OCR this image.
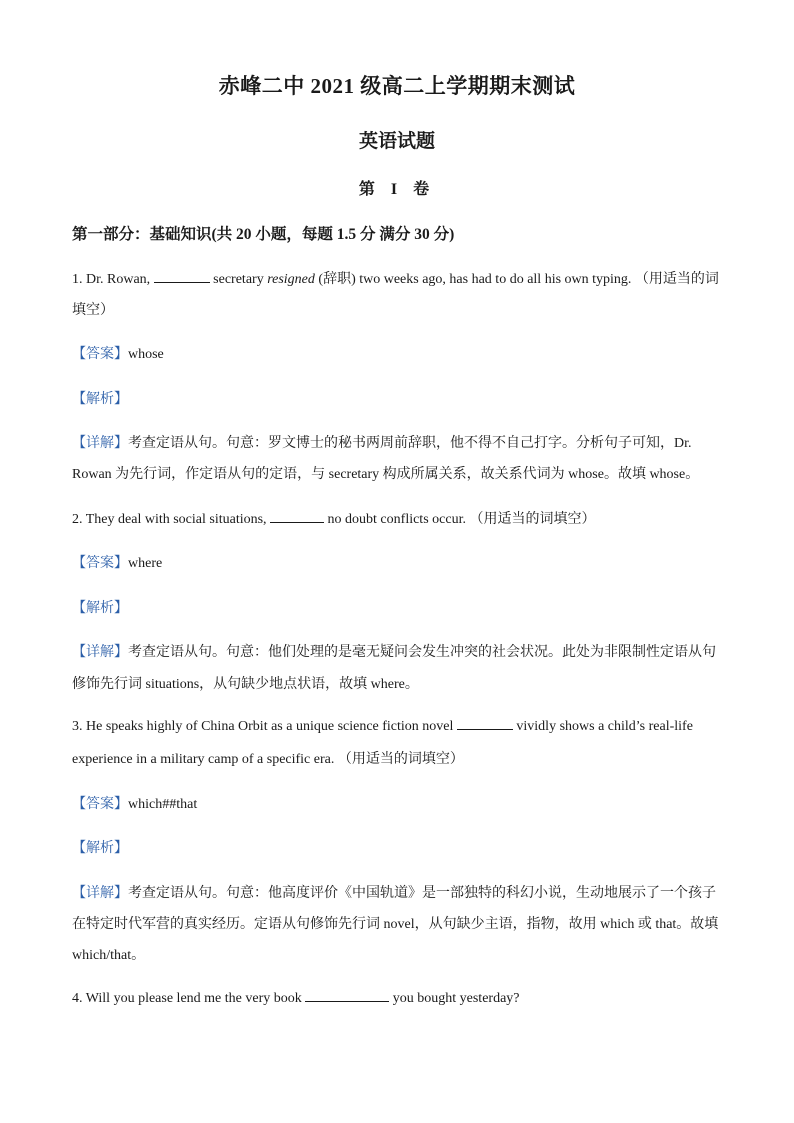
赤峰二中 2021 级高二上学期期末测试
英语试题
第 I 卷
第一部分：基础知识(共 20 小题，每题 1.5 分 满分 30 分)
1. Dr. Rowan,	secretary resigned (辞职) two weeks ago, has had to do all his own typing. （用适当的词
填空）
【答案】whose
【解析】
【详解】考查定语从句。句意：罗文博士的秘书两周前辞职，他不得不自己打字。分析句子可知，Dr.
Rowan 为先行词，作定语从句的定语，与 secretary 构成所属关系，故关系代词为 whose。故填 whose。
2. They deal with social situations,	no doubt conflicts occur. （用适当的词填空）
【答案】where
【解析】
【详解】考查定语从句。句意：他们处理的是毫无疑问会发生冲突的社会状况。此处为非限制性定语从句
修饰先行词 situations，从句缺少地点状语，故填 where。
3. He speaks highly of China Orbit as a unique science fiction novel	vividly shows a child’s real-life
experience in a military camp of a specific era. （用适当的词填空）
【答案】which##that
【解析】
【详解】考查定语从句。句意：他高度评价《中国轨道》是一部独特的科幻小说，生动地展示了一个孩子
在特定时代军营的真实经历。定语从句修饰先行词 novel，从句缺少主语，指物，故用 which 或 that。故填
which/that。
4. Will you please lend me the very book	you bought yesterday?
